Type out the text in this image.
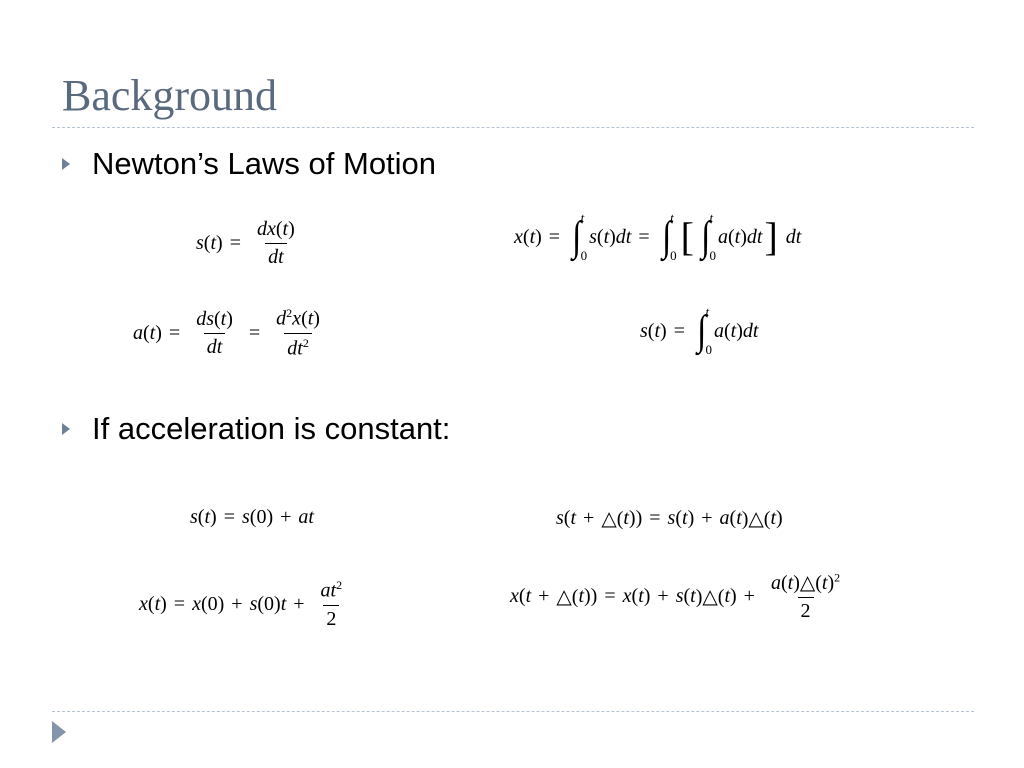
Background
Newton’s Laws of Motion
s ( t ) = $\frac{dx(t)}{dt}$	x ( t ) = ∫ t
0
s ( t ) dt = ∫ t
0 [ ∫ t
0
a ( t ) dt ] dt
a ( t ) = $\frac{ds(t)}{dt} = \frac{d^2x(t)}{dt^2}$	s ( t ) = ∫ t
0
a ( t ) dt
If acceleration is constant:
s ( t ) = s (0) + at	s ( t + △( t )) = s ( t ) + a ( t )△( t )
x ( t ) = x (0) + s (0) $t + \frac{at^2}{2}$	x ( t + △( t )) = x ( t ) + s ( t )△( t ) + $\frac{a(t)\triangle(t)^2}{2}$
